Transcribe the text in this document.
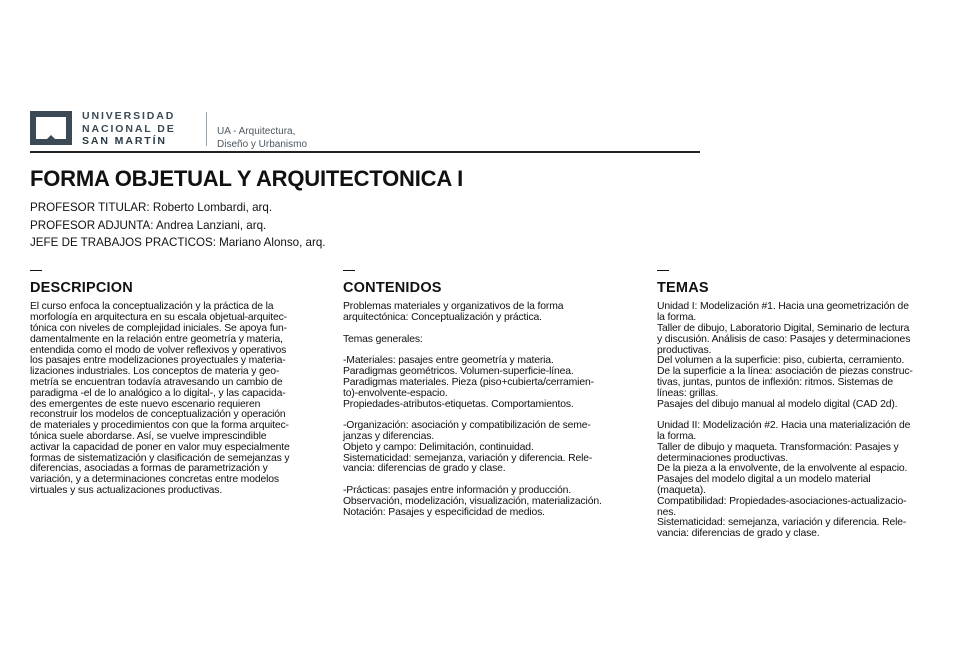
UNIVERSIDAD
NACIONAL DE
SAN MARTÍN
UA - Arquitectura,
Diseño y Urbanismo
FORMA OBJETUAL Y ARQUITECTONICA I
PROFESOR TITULAR: Roberto Lombardi, arq.
PROFESOR ADJUNTA: Andrea Lanziani, arq.
JEFE DE TRABAJOS PRACTICOS: Mariano Alonso, arq.
DESCRIPCION
El curso enfoca la conceptualización y la práctica de la
morfología en arquitectura en su escala objetual-arquitec-
tónica con niveles de complejidad iniciales. Se apoya fun-
damentalmente en la relación entre geometría y materia,
entendida como el modo de volver reflexivos y operativos
los pasajes entre modelizaciones proyectuales y materia-
lizaciones industriales. Los conceptos de materia y geo-
metría se encuentran todavía atravesando un cambio de
paradigma -el de lo analógico a lo digital-, y las capacida-
des emergentes de este nuevo escenario requieren
reconstruir los modelos de conceptualización y operación
de materiales y procedimientos con que la forma arquitec-
tónica suele abordarse. Así, se vuelve imprescindible
activar la capacidad de poner en valor muy especialmente
formas de sistematización y clasificación de semejanzas y
diferencias, asociadas a formas de parametrización y
variación, y a determinaciones concretas entre modelos
virtuales y sus actualizaciones productivas.
CONTENIDOS
Problemas materiales y organizativos de la forma
arquitectónica: Conceptualización y práctica.
Temas generales:
-Materiales: pasajes entre geometría y materia.
Paradigmas geométricos. Volumen-superficie-línea.
Paradigmas materiales. Pieza (piso+cubierta/cerramien-
to)-envolvente-espacio.
Propiedades-atributos-etiquetas. Comportamientos.
-Organización: asociación y compatibilización de seme-
janzas y diferencias.
Objeto y campo: Delimitación, continuidad.
Sistematicidad: semejanza, variación y diferencia. Rele-
vancia: diferencias de grado y clase.
-Prácticas: pasajes entre información y producción.
Observación, modelización, visualización, materialización.
Notación: Pasajes y especificidad de medios.
TEMAS
Unidad I: Modelización #1. Hacia una geometrización de
la forma.
Taller de dibujo, Laboratorio Digital, Seminario de lectura
y discusión. Análisis de caso: Pasajes y determinaciones
productivas.
Del volumen a la superficie: piso, cubierta, cerramiento.
De la superficie a la línea: asociación de piezas construc-
tivas, juntas, puntos de inflexión: ritmos. Sistemas de
líneas: grillas.
Pasajes del dibujo manual al modelo digital (CAD 2d).
Unidad II: Modelización #2. Hacia una materialización de
la forma.
Taller de dibujo y maqueta. Transformación: Pasajes y
determinaciones productivas.
De la pieza a la envolvente, de la envolvente al espacio.
Pasajes del modelo digital a un modelo material
(maqueta).
Compatibilidad: Propiedades-asociaciones-actualizacio-
nes.
Sistematicidad: semejanza, variación y diferencia. Rele-
vancia: diferencias de grado y clase.
